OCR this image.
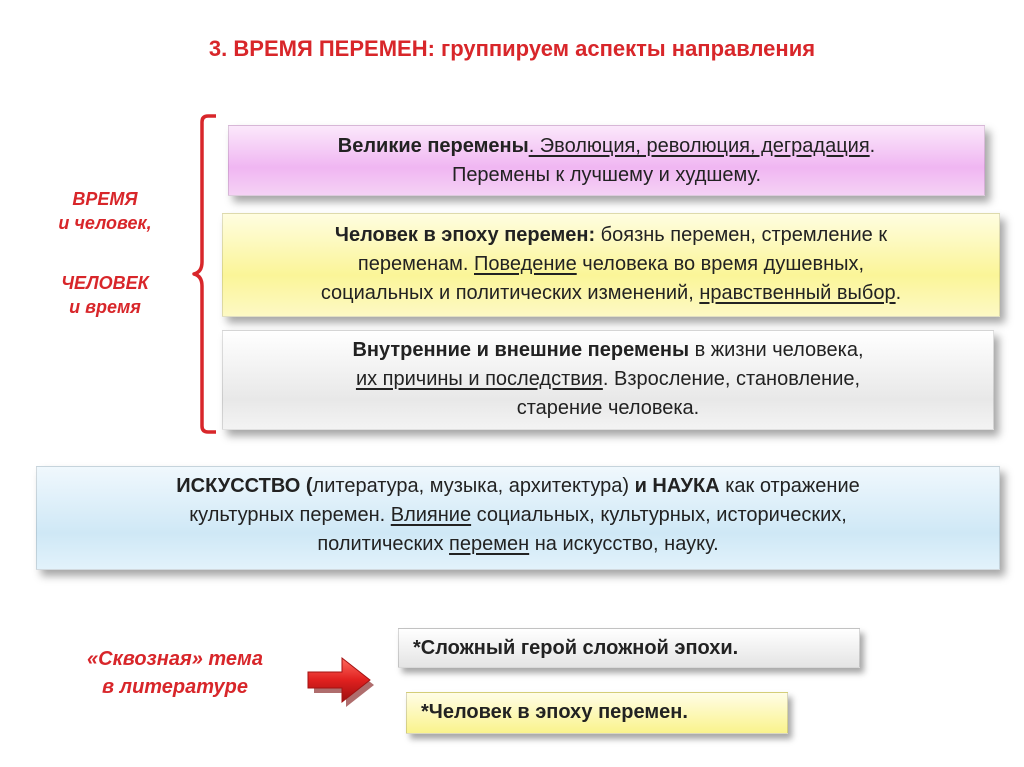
3. ВРЕМЯ ПЕРЕМЕН: группируем аспекты направления
ВРЕМЯ
и человек,
ЧЕЛОВЕК
и время
Великие перемены. Эволюция, революция, деградация.
Перемены к лучшему и худшему.
Человек в эпоху перемен: боязнь перемен, стремление к
переменам. Поведение человека во время душевных,
социальных и политических изменений, нравственный выбор.
Внутренние и внешние перемены в жизни человека,
их причины и последствия. Взросление, становление,
старение человека.
ИСКУССТВО (литература, музыка, архитектура) и НАУКА как отражение
культурных перемен. Влияние социальных, культурных, исторических,
политических перемен на искусство, науку.
«Сквозная» тема
в литературе
*Сложный герой сложной эпохи.
*Человек в эпоху перемен.
